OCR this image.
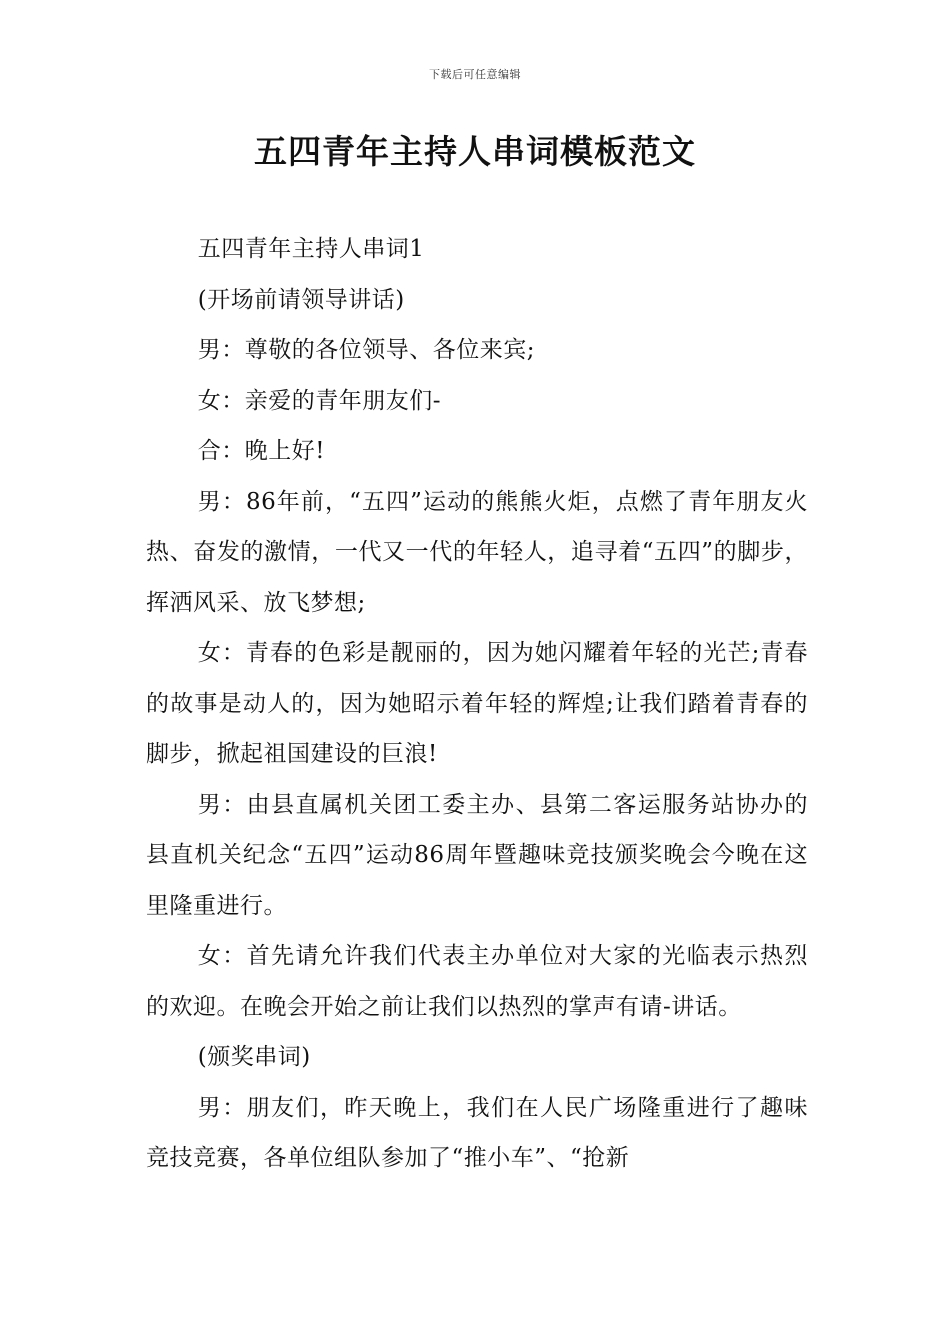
下载后可任意编辑
五四青年主持人串词模板范文

五四青年主持人串词1

(开场前请领导讲话)

男：尊敬的各位领导、各位来宾;

女：亲爱的青年朋友们-

合：晚上好!

男：86年前，“五四”运动的熊熊火炬，点燃了青年朋友火热、奋发的激情，一代又一代的年轻人，追寻着“五四”的脚步，挥洒风采、放飞梦想;

女：青春的色彩是靓丽的，因为她闪耀着年轻的光芒;青春的故事是动人的，因为她昭示着年轻的辉煌;让我们踏着青春的脚步，掀起祖国建设的巨浪!

男：由县直属机关团工委主办、县第二客运服务站协办的县直机关纪念“五四”运动86周年暨趣味竞技颁奖晚会今晚在这里隆重进行。

女：首先请允许我们代表主办单位对大家的光临表示热烈的欢迎。在晚会开始之前让我们以热烈的掌声有请-讲话。

(颁奖串词)

男：朋友们，昨天晚上，我们在人民广场隆重进行了趣味竞技竞赛，各单位组队参加了“推小车”、“抢新
